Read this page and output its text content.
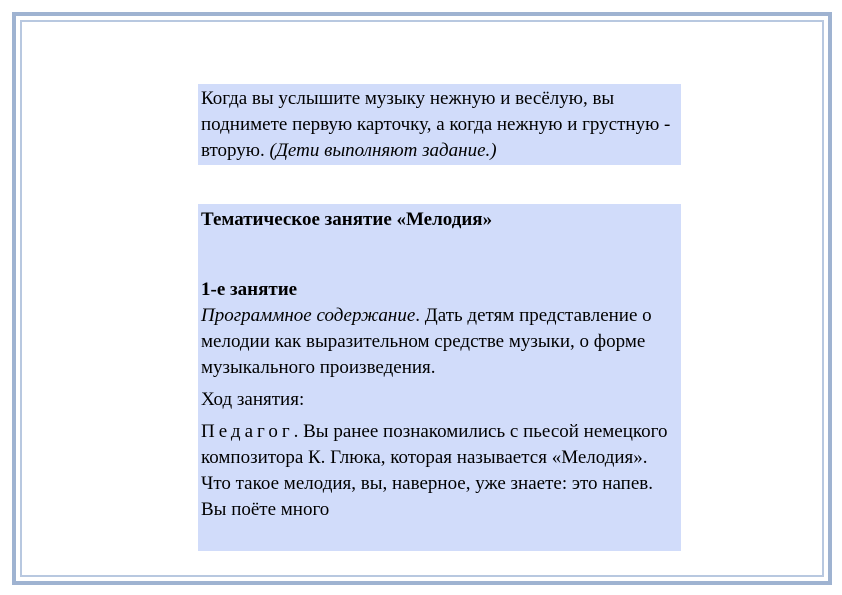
Когда вы услышите музыку нежную и весёлую, вы поднимете первую карточку, а когда нежную и грустную - вторую. (Дети выполняют задание.)

Тематическое занятие «Мелодия»

1-е занятие

Программное содержание. Дать детям представление о мелодии как выразительном средстве музыки, о форме музыкального произведения.

Ход занятия:

Педагог. Вы ранее познакомились с пьесой немецкого композитора К. Глюка, которая называется «Мелодия». Что такое мелодия, вы, наверное, уже знаете: это напев. Вы поёте много
